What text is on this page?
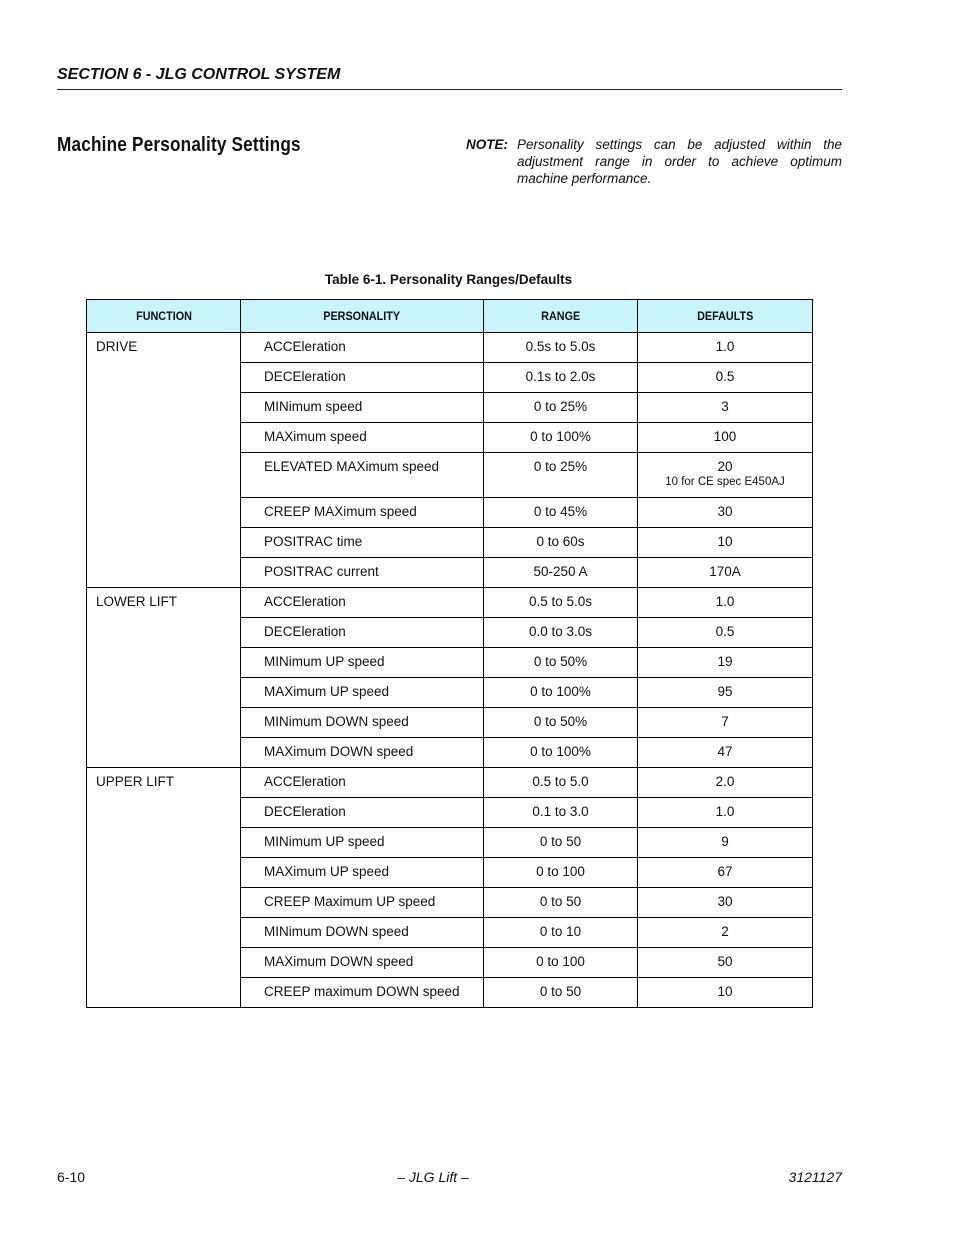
SECTION 6 - JLG CONTROL SYSTEM
Machine Personality Settings	NOTE: Personality settings can be adjusted within the adjustment range in order to achieve optimum machine performance.
Table 6-1. Personality Ranges/Defaults
FUNCTION	PERSONALITY	RANGE	DEFAULTS

DRIVE	ACCEleration	0.5s to 5.0s	1.0

	DECEleration	0.1s to 2.0s	0.5

	MINimum speed	0 to 25%	3

	MAXimum speed	0 to 100%	100

	ELEVATED MAXimum speed	0 to 25%	20
10 for CE spec E450AJ

	CREEP MAXimum speed	0 to 45%	30

	POSITRAC time	0 to 60s	10

	POSITRAC current	50-250 A	170A

LOWER LIFT	ACCEleration	0.5 to 5.0s	1.0

	DECEleration	0.0 to 3.0s	0.5

	MINimum UP speed	0 to 50%	19

	MAXimum UP speed	0 to 100%	95

	MINimum DOWN speed	0 to 50%	7

	MAXimum DOWN speed	0 to 100%	47

UPPER LIFT	ACCEleration	0.5 to 5.0	2.0

	DECEleration	0.1 to 3.0	1.0

	MINimum UP speed	0 to 50	9

	MAXimum UP speed	0 to 100	67

	CREEP Maximum UP speed	0 to 50	30

	MINimum DOWN speed	0 to 10	2

	MAXimum DOWN speed	0 to 100	50

	CREEP maximum DOWN speed	0 to 50	10
6-10	– JLG Lift –	3121127
